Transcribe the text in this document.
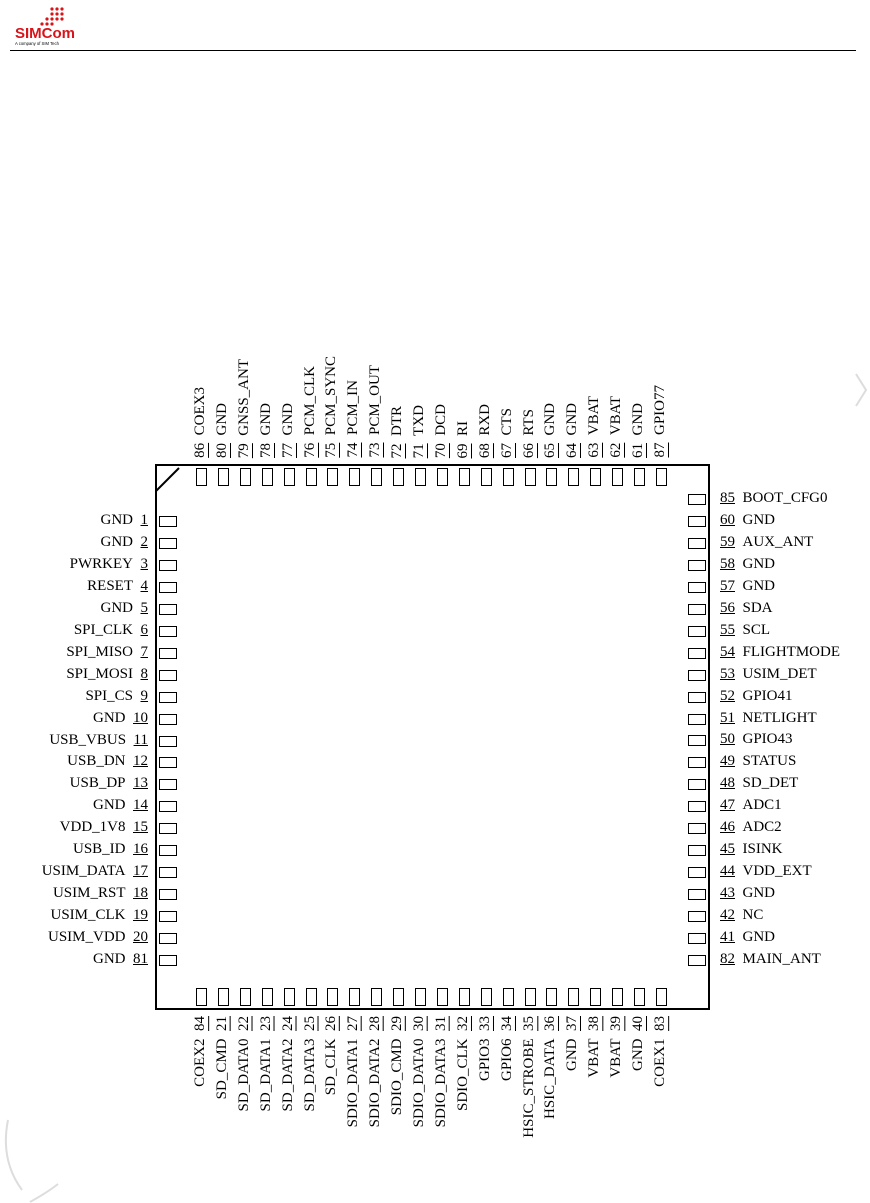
SIMCom
A company of SIM Tech
GND 1
GND 2
PWRKEY 3
RESET 4
GND 5
SPI_CLK 6
SPI_MISO 7
SPI_MOSI 8
SPI_CS 9
GND 10
USB_VBUS 11
USB_DN 12
USB_DP 13
GND 14
VDD_1V8 15
USB_ID 16
USIM_DATA 17
USIM_RST 18
USIM_CLK 19
USIM_VDD 20
GND 81
85 BOOT_CFG0
60 GND
59 AUX_ANT
58 GND
57 GND
56 SDA
55 SCL
54 FLIGHTMODE
53 USIM_DET
52 GPIO41
51 NETLIGHT
50 GPIO43
49 STATUS
48 SD_DET
47 ADC1
46 ADC2
45 ISINK
44 VDD_EXT
43 GND
42 NC
41 GND
82 MAIN_ANT
86  COEX3
80  GND
79  GNSS_ANT
78  GND
77  GND
76  PCM_CLK
75  PCM_SYNC
74  PCM_IN
73  PCM_OUT
72  DTR
71  TXD
70  DCD
69  RI
68  RXD
67  CTS
66  RTS
65  GND
64  GND
63  VBAT
62  VBAT
61  GND
87  GPIO77
COEX2  84
SD_CMD  21
SD_DATA0  22
SD_DATA1  23
SD_DATA2  24
SD_DATA3  25
SD_CLK  26
SDIO_DATA1  27
SDIO_DATA2  28
SDIO_CMD  29
SDIO_DATA0  30
SDIO_DATA3  31
SDIO_CLK  32
GPIO3  33
GPIO6  34
HSIC_STROBE  35
HSIC_DATA  36
GND  37
VBAT  38
VBAT  39
GND  40
COEX1  83
